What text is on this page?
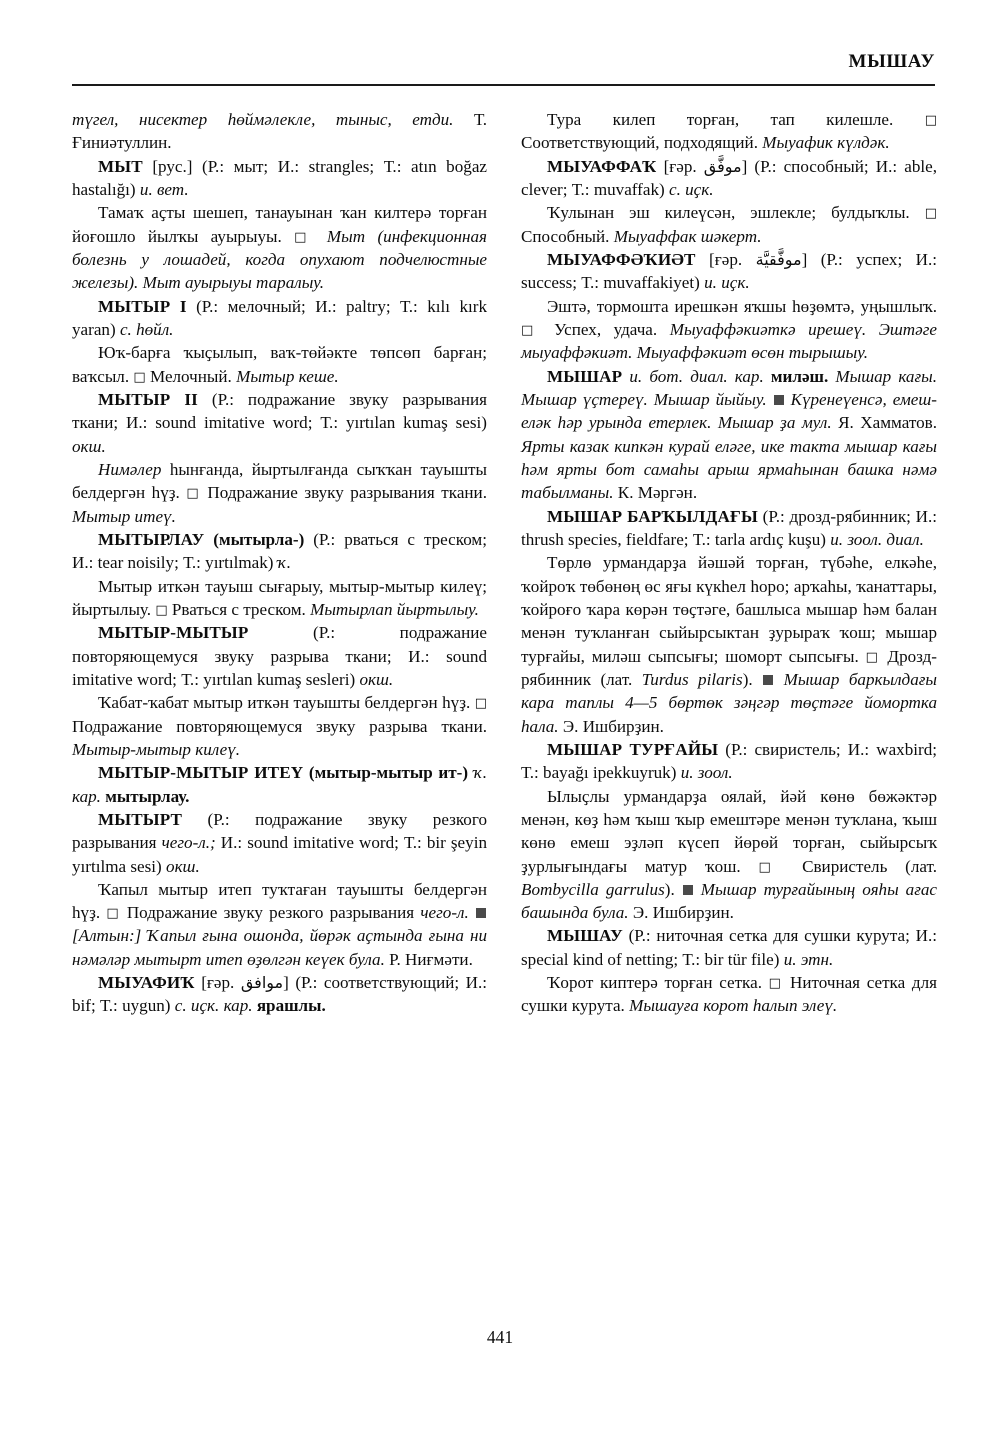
МЫШАУ

түгел, нисектер һөймәлекле, тыныс, етди. Т. Ғиниәтуллин.

МЫТ [рус.] (Р.: мыт; И.: strangles; Т.: atın boğaz hastalığı) и. вет.

Тамаҡ аҫты шешеп, танауынан ҡан килтерә торған йоғошло йылҡы ауырыуы. □ Мыт (инфекционная болезнь у лошадей, когда опухают подчелюстные железы). Мыт ауырыуы таралыу.

МЫТЫР I (Р.: мелочный; И.: paltry; Т.: kılı kırk yaran) с. һөйл.

Юҡ-барға ҡыҫылып, ваҡ-төйәкте төпсөп барған; ваҡсыл. □ Мелочный. Мытыр кеше.

МЫТЫР II (Р.: подражание звуку разрывания ткани; И.: sound imitative word; Т.: yırtılan kumaş sesi) окш.

Нимәлер һынғанда, йыртылғанда сыҡҡан тауышты белдергән һүҙ. □ Подражание звуку разрывания ткани. Мытыр итеү.

МЫТЫРЛАУ (мытырла-) (Р.: рваться с треском; И.: tear noisily; Т.: yırtılmak) ҡ.

Мытыр иткән тауыш сығарыу, мытыр-мытыр килеү; йыртылыу. □ Рваться с треском. Мытырлап йыртылыу.

МЫТЫР-МЫТЫР (Р.: подражание повторяющемуся звуку разрыва ткани; И.: sound imitative word; Т.: yırtılan kumaş sesleri) окш.

Ҡабат-ҡабат мытыр иткән тауышты белдергән һүҙ. □ Подражание повторяющемуся звуку разрыва ткани. Мытыр-мытыр килеү.

МЫТЫР-МЫТЫР ИТЕҮ (мытыр-мытыр ит-) ҡ. кар. мытырлау.

МЫТЫРТ (Р.: подражание звуку резкого разрывания чего-л.; И.: sound imitative word; Т.: bir şeyin yırtılma sesi) окш.

Ҡапыл мытыр итеп туҡтаған тауышты белдергән һүҙ. □ Подражание звуку резкого разрывания чего-л.  [Алтын:] Ҡапыл ғына ошонда, йөрәк аҫтында ғына ни нәмәләр мытырт итеп өҙөлгән кеүек була. Р. Ниғмәти.

МЫУАФИҠ [ғәр. موافق] (Р.: соответствующий; И.: bif; Т.: uygun) с. иҫк. кар. ярашлы.

Тура килеп торған, тап килешле. □ Соответствующий, подходящий. Мыуафик күлдәк.

МЫУАФФАҠ [ғәр. موفَّق] (Р.: способный; И.: able, clever; Т.: muvaffak) с. иҫк.

Ҡулынан эш килеүсән, эшлекле; булдыҡлы. □ Способный. Мыуаффак шәкерт.

МЫУАФФӘҠИӘТ [ғәр. موفَّقيَّة] (Р.: успех; И.: success; Т.: muvaffakiyet) и. иҫк.

Эштә, тормошта ирешкән яҡшы һөҙөмтә, уңышлыҡ. □ Успех, удача. Мыуаффәкиәткә ирешеү. Эштәге мыуаффәкиәт. Мыуаффәкиәт өсөн тырышыу.

МЫШАР и. бот. диал. кар. миләш. Мышар кағы. Мышар үҫтереү. Мышар йыйыу. Күренеүенсә, емеш-еләк һәр урында етерлек. Мышар ҙа мул. Я. Хамматов. Ярты казак кипкән курай еләге, ике такта мышар кағы һәм ярты бот самаһы арыш ярмаһынан башка нәмә табылманы. К. Мәргән.

МЫШАР БАРҠЫЛДАҒЫ (Р.: дрозд-рябинник; И.: thrush species, fieldfare; Т.: tarla ardıç kuşu) и. зоол. диал.

Төрлө урмандарҙа йәшәй торған, түбәһе, елкәһе, ҡойроҡ төбөнөң өс яғы күкһел һоро; арҡаһы, ҡанаттары, ҡойроғо ҡара көрән төҫтәге, башлыса мышар һәм балан менән туҡланған сыйырсыктан ҙурыраҡ ҡош; мышар турғайы, миләш сыпсығы; шоморт сыпсығы. □ Дрозд-рябинник (лат. Turdus pilaris). Мышар баркылдағы кара таплы 4—5 бөртөк зәңгәр төҫтәге йомортка һала. Э. Ишбирҙин.

МЫШАР ТУРҒАЙЫ (Р.: свиристель; И.: waxbird; Т.: bayağı ipekkuyruk) и. зоол.

Ылыҫлы урмандарҙа оялай, йәй көнө бөжәктәр менән, көҙ һәм ҡыш ҡыр емештәре менән туҡлана, ҡыш көнө емеш эҙләп күсеп йөрөй торған, сыйырсыҡ ҙурлығындағы матур ҡош. □ Свиристель (лат. Bombycilla garrulus). Мышар турғайының ояһы ағас башында була. Э. Ишбирҙин.

МЫШАУ (Р.: ниточная сетка для сушки курута; И.: special kind of netting; Т.: bir tür file) и. этн.

Ҡорот киптерә торған сетка. □ Ниточная сетка для сушки курута. Мышауға корот һалып элеү.

441
